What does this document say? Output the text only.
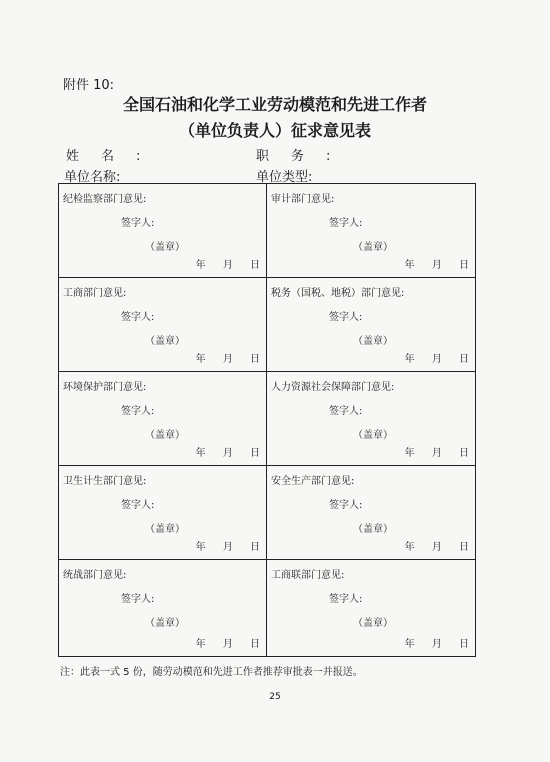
附件 10:
全国石油和化学工业劳动模范和先进工作者
（单位负责人）征求意见表
姓名:	职务:
单位名称:	单位类型:
纪检监察部门意见:
签字人:
（盖章）
年 月 日
审计部门意见:
签字人:
（盖章）
年 月 日
工商部门意见:
签字人:
（盖章）
年 月 日
税务（国税、地税）部门意见:
签字人:
（盖章）
年 月 日
环境保护部门意见:
签字人:
（盖章）
年 月 日
人力资源社会保障部门意见:
签字人:
（盖章）
年 月 日
卫生计生部门意见:
签字人:
（盖章）
年 月 日
安全生产部门意见:
签字人:
（盖章）
年 月 日
统战部门意见:
签字人:
（盖章）
年 月 日
工商联部门意见:
签字人:
（盖章）
年 月 日
注：此表一式 5 份，随劳动模范和先进工作者推荐审批表一并报送。
25
